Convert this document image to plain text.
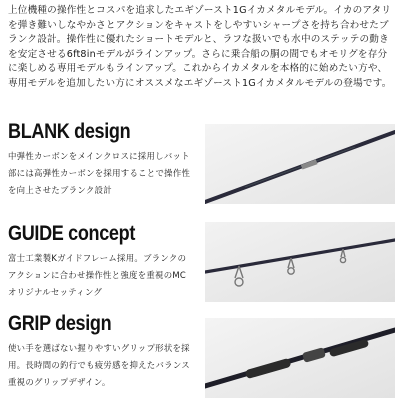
上位機種の操作性とコスパを追求したエギゾースト1Gイカメタルモデル。イカのアタリを弾き難いしなやかさとアクションをキャストをしやすいシャープさを持ち合わせたブランク設計。操作性に優れたショートモデルと、ラフな扱いでも水中のステッテの動きを安定させる6ft8inモデルがラインアップ。さらに乗合船の胴の間でもオモリグを存分に楽しめる専用モデルもラインアップ。これからイカメタルを本格的に始めたい方や、専用モデルを追加したい方にオススメなエギゾースト1Gイカメタルモデルの登場です。

BLANK design
中弾性カーボンをメインクロスに採用しバット部には高弾性カーボンを採用することで操作性を向上させたブランク設計
GUIDE concept
富士工業製Kガイドフレーム採用。ブランクのアクションに合わせ操作性と強度を重視のMCオリジナルセッティング
GRIP design
使い手を選ばない握りやすいグリップ形状を採用。長時間の釣行でも疲労感を抑えたバランス重視のグリップデザイン。
